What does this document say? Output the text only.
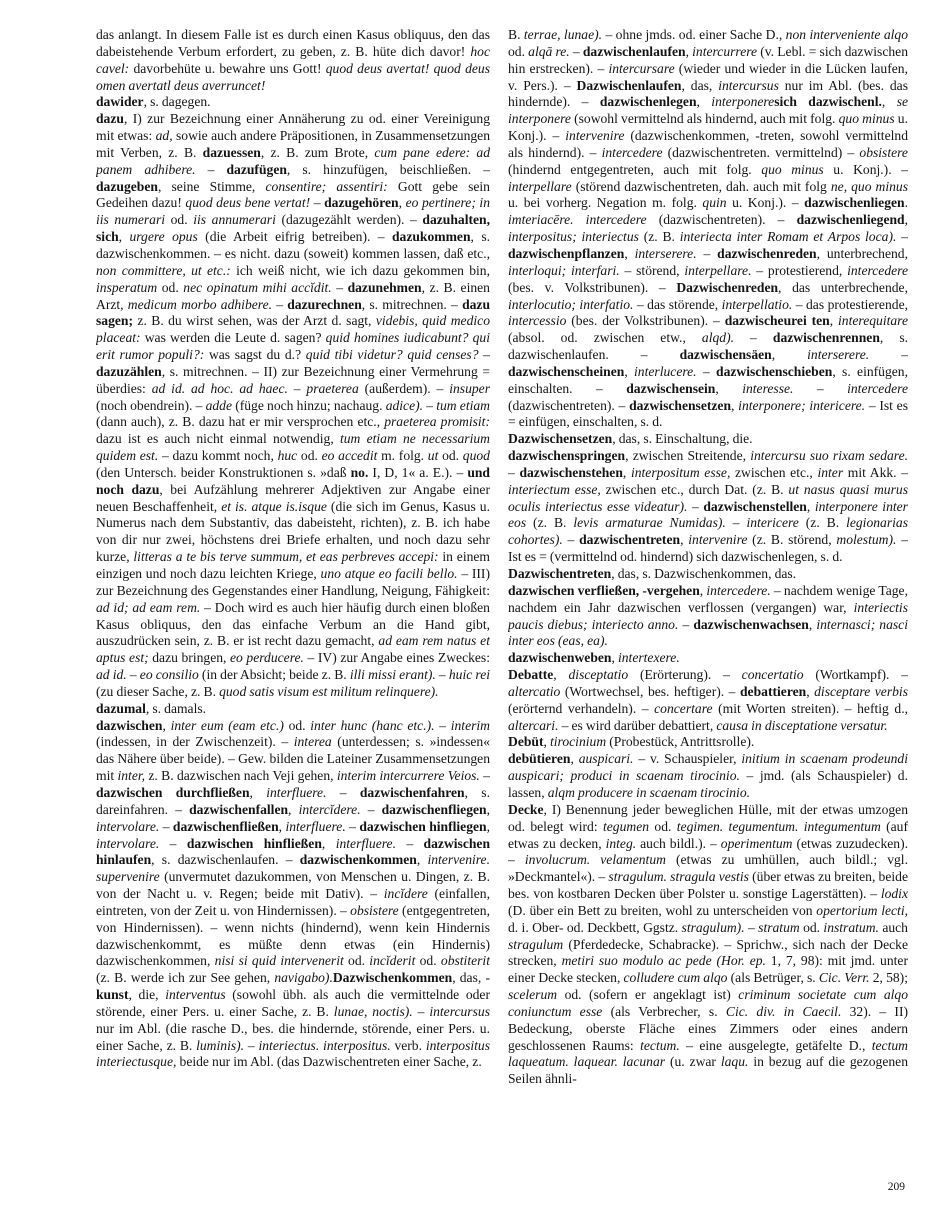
das anlangt. In diesem Falle ist es durch einen Kasus obliquus, den das dabeistehende Verbum erfordert, zu geben, z. B. hüte dich davor! hoc cavel: davorbehüte u. bewahre uns Gott! quod deus avertat! quod deus omen avertatl deus averruncet!

dawider, s. dagegen.

dazu, I) zur Bezeichnung einer Annäherung zu od. einer Vereinigung mit etwas: ad, sowie auch andere Präpositionen, in Zusammensetzungen mit Verben, z. B. dazuessen, z. B. zum Brote, cum pane edere: ad panem adhibere. – dazufügen, s. hinzufügen, beischließen. – dazugeben, seine Stimme, consentire; assentiri: Gott gebe sein Gedeihen dazu! quod deus bene vertat! – dazugehören, eo pertinere; in iis numerari od. iis annumerari (dazugezählt werden). – dazuhalten, sich, urgere opus (die Arbeit eifrig betreiben). – dazukommen, s. dazwischenkommen. – es nicht. dazu (soweit) kommen lassen, daß etc., non committere, ut etc.: ich weiß nicht, wie ich dazu gekommen bin, insperatum od. nec opinatum mihi accĭdit. – dazunehmen, z. B. einen Arzt, medicum morbo adhibere. – dazurechnen, s. mitrechnen. – dazu sagen; z. B. du wirst sehen, was der Arzt d. sagt, videbis, quid medico placeat: was werden die Leute d. sagen? quid homines iudicabunt? qui erit rumor populi?: was sagst du d.? quid tibi videtur? quid censes? – dazuzählen, s. mitrechnen. – II) zur Bezeichnung einer Vermehrung = überdies: ad id. ad hoc. ad haec. – praeterea (außerdem). – insuper (noch obendrein). – adde (füge noch hinzu; nachaug. adice). – tum etiam (dann auch), z. B. dazu hat er mir versprochen etc., praeterea promisit: dazu ist es auch nicht einmal notwendig, tum etiam ne necessarium quidem est. – dazu kommt noch, huc od. eo accedit m. folg. ut od. quod (den Untersch. beider Konstruktionen s. »daß no. I, D, 1« a. E.). – und noch dazu, bei Aufzählung mehrerer Adjektiven zur Angabe einer neuen Beschaffenheit, et is. atque is.isque (die sich im Genus, Kasus u. Numerus nach dem Substantiv, das dabeisteht, richten), z. B. ich habe von dir nur zwei, höchstens drei Briefe erhalten, und noch dazu sehr kurze, litteras a te bis terve summum, et eas perbreves accepi: in einem einzigen und noch dazu leichten Kriege, uno atque eo facili bello. – III) zur Bezeichnung des Gegenstandes einer Handlung, Neigung, Fähigkeit: ad id; ad eam rem. – Doch wird es auch hier häufig durch einen bloßen Kasus obliquus, den das einfache Verbum an die Hand gibt, auszudrücken sein, z. B. er ist recht dazu gemacht, ad eam rem natus et aptus est; dazu bringen, eo perducere. – IV) zur Angabe eines Zweckes: ad id. – eo consilio (in der Absicht; beide z. B. illi missi erant). – huic rei (zu dieser Sache, z. B. quod satis visum est militum relinquere).

dazumal, s. damals.

dazwischen, inter eum (eam etc.) od. inter hunc (hanc etc.). – interim (indessen, in der Zwischenzeit). – interea (unterdessen; s. »indessen« das Nähere über beide). – Gew. bilden die Lateiner Zusammensetzungen mit inter, z. B. dazwischen nach Veji gehen, interim intercurrere Veios. – dazwischen durchfließen, interfluere. – dazwischenfahren, s. dareinfahren. – dazwischenfallen, intercĭdere. – dazwischenfliegen, intervolare. – dazwischenfließen, interfluere. – dazwischen hinfliegen, intervolare. – dazwischen hinfließen, interfluere. – dazwischen hinlaufen, s. dazwischenlaufen. – dazwischenkommen, intervenire. supervenire (unvermutet dazukommen, von Menschen u. Dingen, z. B. von der Nacht u. v. Regen; beide mit Dativ). – incĭdere (einfallen, eintreten, von der Zeit u. von Hindernissen). – obsistere (entgegentreten, von Hindernissen). – wenn nichts (hindernd), wenn kein Hindernis dazwischenkommt, es müßte denn etwas (ein Hindernis) dazwischenkommen, nisi si quid intervenerit od. incĭderit od. obstiterit (z. B. werde ich zur See gehen, navigabo).Dazwischenkommen, das, -kunst, die, interventus (sowohl übh. als auch die vermittelnde oder störende, einer Pers. u. einer Sache, z. B. lunae, noctis). – intercursus nur im Abl. (die rasche D., bes. die hindernde, störende, einer Pers. u. einer Sache, z. B. luminis). – interiectus. interpositus. verb. interpositus interiectusque, beide nur im Abl. (das Dazwischentreten einer Sache, z.

B. terrae, lunae). – ohne jmds. od. einer Sache D., non interveniente alqo od. alqā re. – dazwischenlaufen, intercurrere (v. Lebl. = sich dazwischen hin erstrecken). – intercursare (wieder und wieder in die Lücken laufen, v. Pers.). – Dazwischenlaufen, das, intercursus nur im Abl. (bes. das hindernde). – dazwischenlegen, interponeresich dazwischenl., se interponere (sowohl vermittelnd als hindernd, auch mit folg. quo minus u. Konj.). – intervenire (dazwischenkommen, -treten, sowohl vermittelnd als hindernd). – intercedere (dazwischentreten. vermittelnd) – obsistere (hindernd entgegentreten, auch mit folg. quo minus u. Konj.). – interpellare (störend dazwischentreten, dah. auch mit folg ne, quo minus u. bei vorherg. Negation m. folg. quin u. Konj.). – dazwischenliegen. imteriacēre. intercedere (dazwischentreten). – dazwischenliegend, interpositus; interiectus (z. B. interiecta inter Romam et Arpos loca). – dazwischenpflanzen, interserere. – dazwischenreden, unterbrechend, interloqui; interfari. – störend, interpellare. – protestierend, intercedere (bes. v. Volkstribunen). – Dazwischenreden, das unterbrechende, interlocutio; interfatio. – das störende, interpellatio. – das protestierende, intercessio (bes. der Volkstribunen). – dazwischeurei ten, interequitare (absol. od. zwischen etw., alqd). – dazwischenrennen, s. dazwischenlaufen. – dazwischensäen, interserere. – dazwischenscheinen, interlucere. – dazwischenschieben, s. einfügen, einschalten. – dazwischensein, interesse. – intercedere (dazwischentreten). – dazwischensetzen, interponere; intericere. – Ist es = einfügen, einschalten, s. d.

Dazwischensetzen, das, s. Einschaltung, die.

dazwischenspringen, zwischen Streitende, intercursu suo rixam sedare. – dazwischenstehen, interpositum esse, zwischen etc., inter mit Akk. – interiectum esse, zwischen etc., durch Dat. (z. B. ut nasus quasi murus oculis interiectus esse videatur). – dazwischenstellen, interponere inter eos (z. B. levis armaturae Numidas). – intericere (z. B. legionarias cohortes). – dazwischentreten, intervenire (z. B. störend, molestum). – Ist es = (vermittelnd od. hindernd) sich dazwischenlegen, s. d.

Dazwischentreten, das, s. Dazwischenkommen, das.

dazwischen verfließen, -vergehen, intercedere. – nachdem wenige Tage, nachdem ein Jahr dazwischen verflossen (vergangen) war, interiectis paucis diebus; interiecto anno. – dazwischenwachsen, internasci; nasci inter eos (eas, ea).

dazwischenweben, intertexere.

Debatte, disceptatio (Erörterung). – concertatio (Wortkampf). – altercatio (Wortwechsel, bes. heftiger). – debattieren, disceptare verbis (erörternd verhandeln). – concertare (mit Worten streiten). – heftig d., altercari. – es wird darüber debattiert, causa in disceptatione versatur.

Debüt, tirocinium (Probestück, Antrittsrolle).

debütieren, auspicari. – v. Schauspieler, initium in scaenam prodeundi auspicari; produci in scaenam tirocinio. – jmd. (als Schauspieler) d. lassen, alqm producere in scaenam tirocinio.

Decke, I) Benennung jeder beweglichen Hülle, mit der etwas umzogen od. belegt wird: tegumen od. tegimen. tegumentum. integumentum (auf etwas zu decken, integ. auch bildl.). – operimentum (etwas zuzudecken). – involucrum. velamentum (etwas zu umhüllen, auch bildl.; vgl. »Deckmantel«). – stragulum. stragula vestis (über etwas zu breiten, beide bes. von kostbaren Decken über Polster u. sonstige Lagerstätten). – lodix (D. über ein Bett zu breiten, wohl zu unterscheiden von opertorium lecti, d. i. Ober- od. Deckbett, Ggstz. stragulum). – stratum od. instratum. auch stragulum (Pferdedecke, Schabracke). – Sprichw., sich nach der Decke strecken, metiri suo modulo ac pede (Hor. ep. 1, 7, 98): mit jmd. unter einer Decke stecken, colludere cum alqo (als Betrüger, s. Cic. Verr. 2, 58); scelerum od. (sofern er angeklagt ist) criminum societate cum alqo coniunctum esse (als Verbrecher, s. Cic. div. in Caecil. 32). – II) Bedeckung, oberste Fläche eines Zimmers oder eines andern geschlossenen Raums: tectum. – eine ausgelegte, getäfelte D., tectum laqueatum. laquear. lacunar (u. zwar laqu. in bezug auf die gezogenen Seilen ähnli-

209
